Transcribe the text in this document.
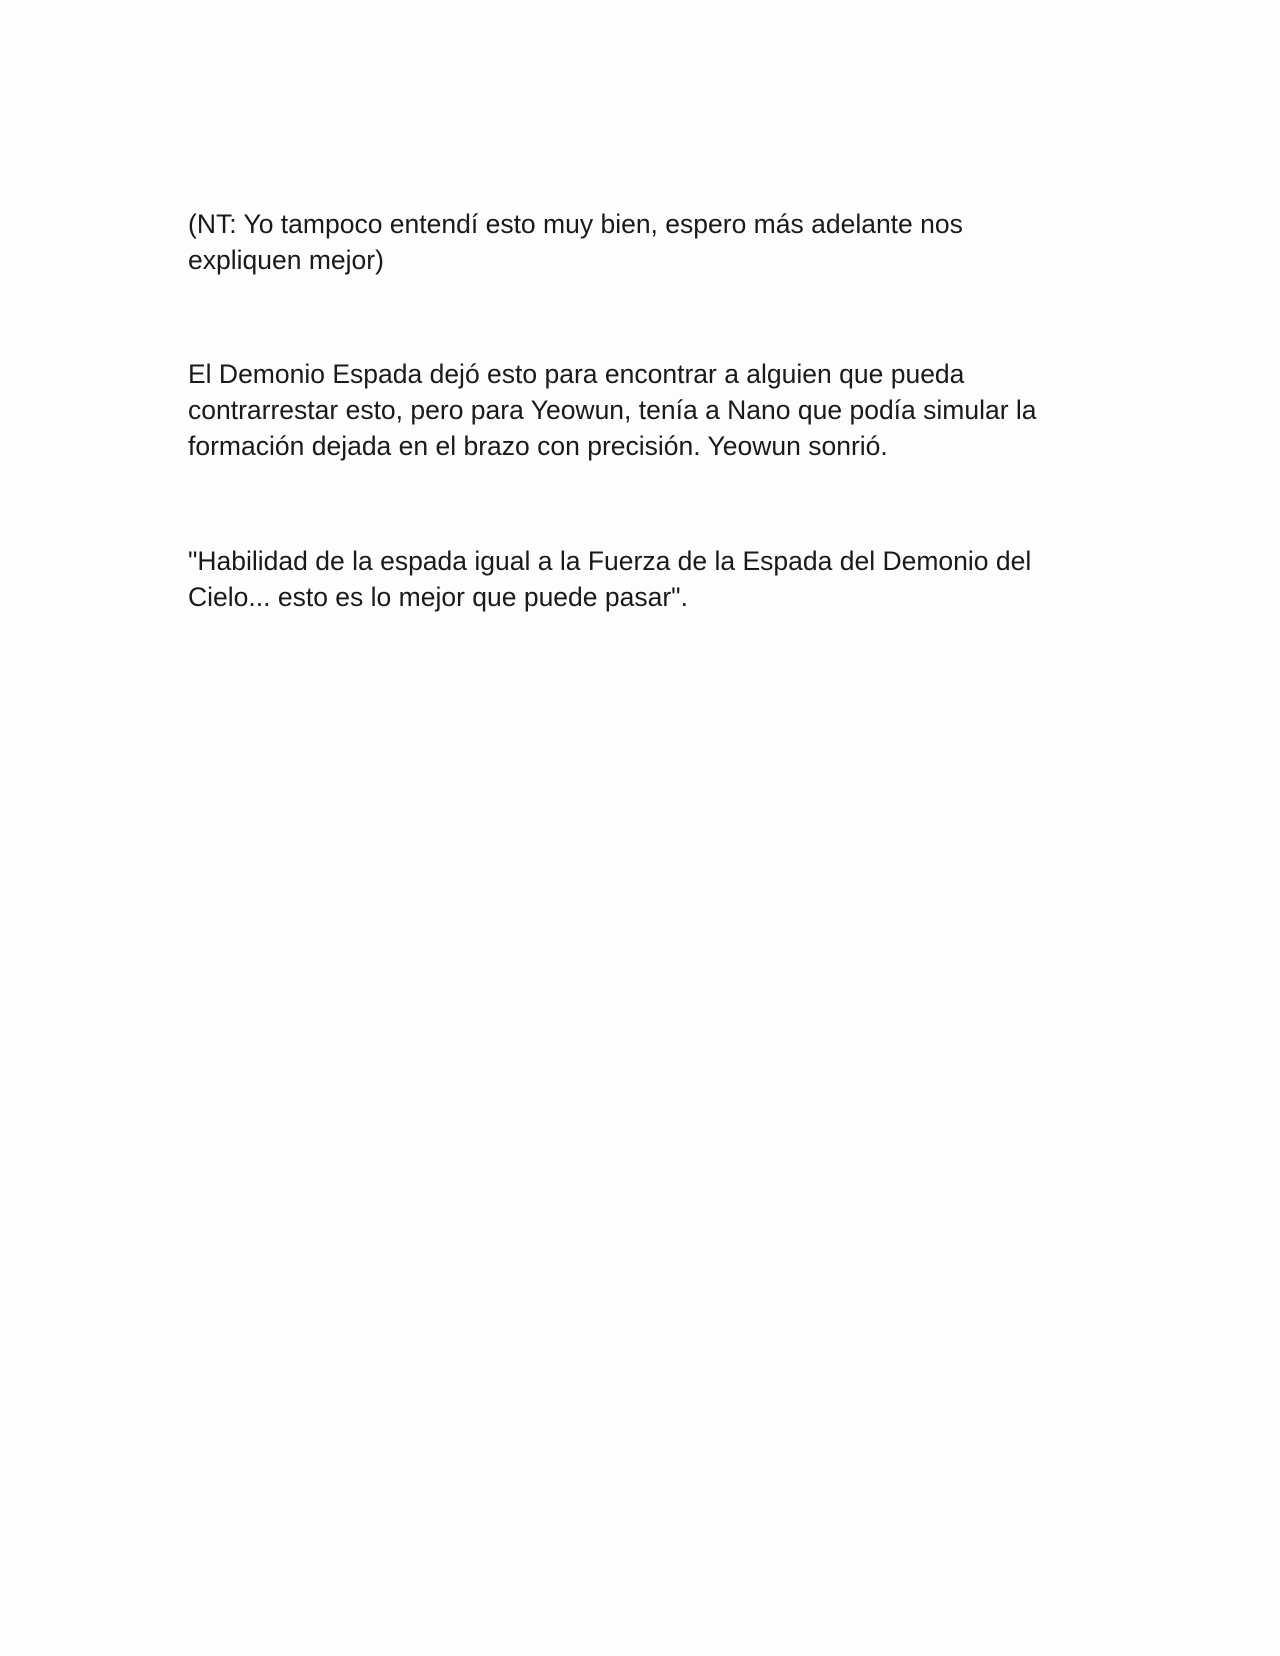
(NT: Yo tampoco entendí esto muy bien, espero más adelante nos
expliquen mejor)

El Demonio Espada dejó esto para encontrar a alguien que pueda
contrarrestar esto, pero para Yeowun, tenía a Nano que podía simular la
formación dejada en el brazo con precisión. Yeowun sonrió.

"Habilidad de la espada igual a la Fuerza de la Espada del Demonio del
Cielo... esto es lo mejor que puede pasar".
